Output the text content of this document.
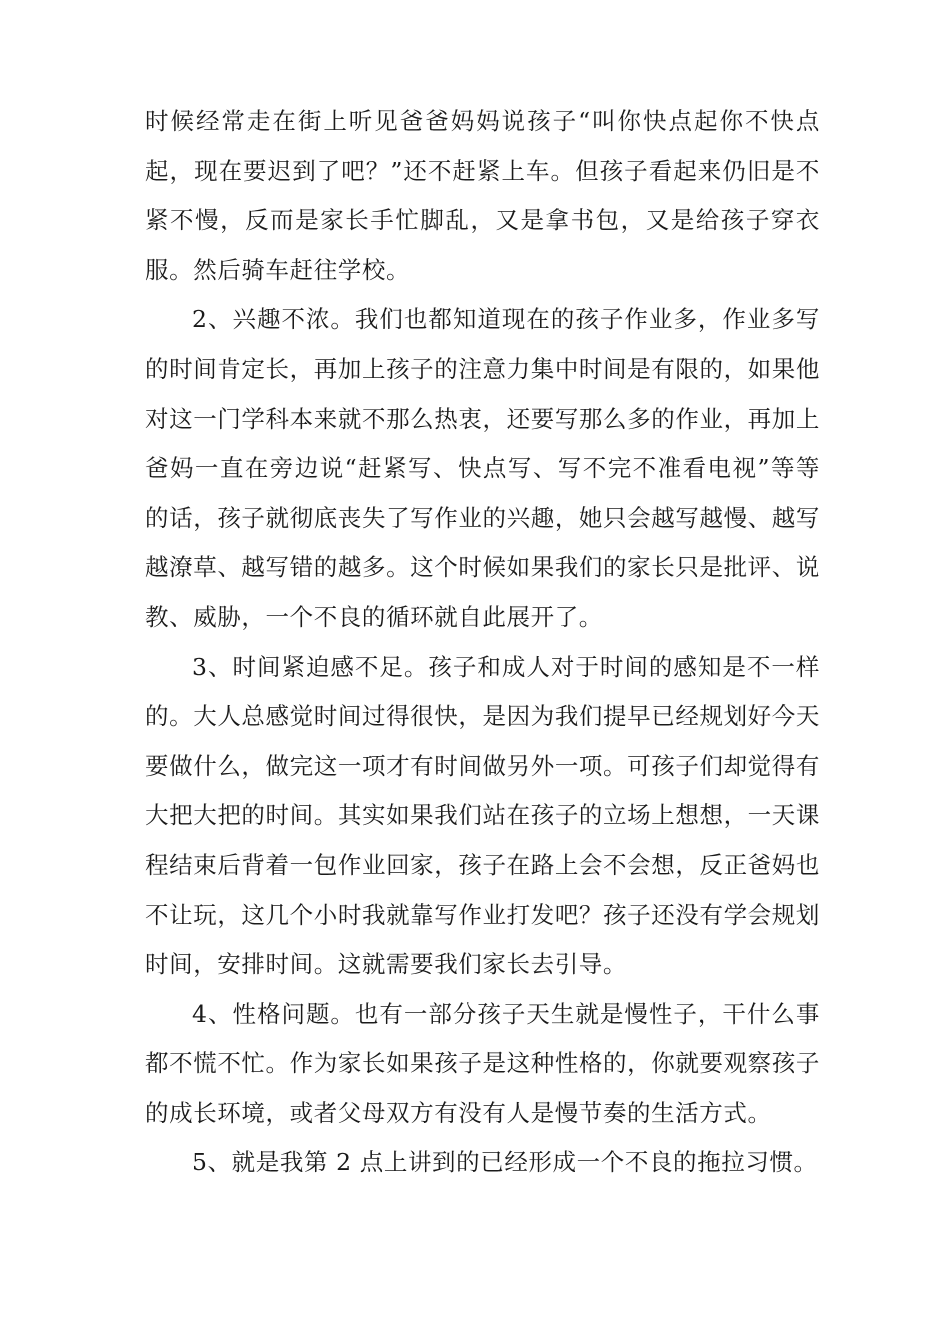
时候经常走在街上听见爸爸妈妈说孩子“叫你快点起你不快点起，现在要迟到了吧？”还不赶紧上车。但孩子看起来仍旧是不紧不慢，反而是家长手忙脚乱，又是拿书包，又是给孩子穿衣服。然后骑车赶往学校。

2、兴趣不浓。我们也都知道现在的孩子作业多，作业多写的时间肯定长，再加上孩子的注意力集中时间是有限的，如果他对这一门学科本来就不那么热衷，还要写那么多的作业，再加上爸妈一直在旁边说“赶紧写、快点写、写不完不准看电视”等等的话，孩子就彻底丧失了写作业的兴趣，她只会越写越慢、越写越潦草、越写错的越多。这个时候如果我们的家长只是批评、说教、威胁，一个不良的循环就自此展开了。

3、时间紧迫感不足。孩子和成人对于时间的感知是不一样的。大人总感觉时间过得很快，是因为我们提早已经规划好今天要做什么，做完这一项才有时间做另外一项。可孩子们却觉得有大把大把的时间。其实如果我们站在孩子的立场上想想，一天课程结束后背着一包作业回家，孩子在路上会不会想，反正爸妈也不让玩，这几个小时我就靠写作业打发吧？孩子还没有学会规划时间，安排时间。这就需要我们家长去引导。

4、性格问题。也有一部分孩子天生就是慢性子，干什么事都不慌不忙。作为家长如果孩子是这种性格的，你就要观察孩子的成长环境，或者父母双方有没有人是慢节奏的生活方式。

5、就是我第 2 点上讲到的已经形成一个不良的拖拉习惯。
